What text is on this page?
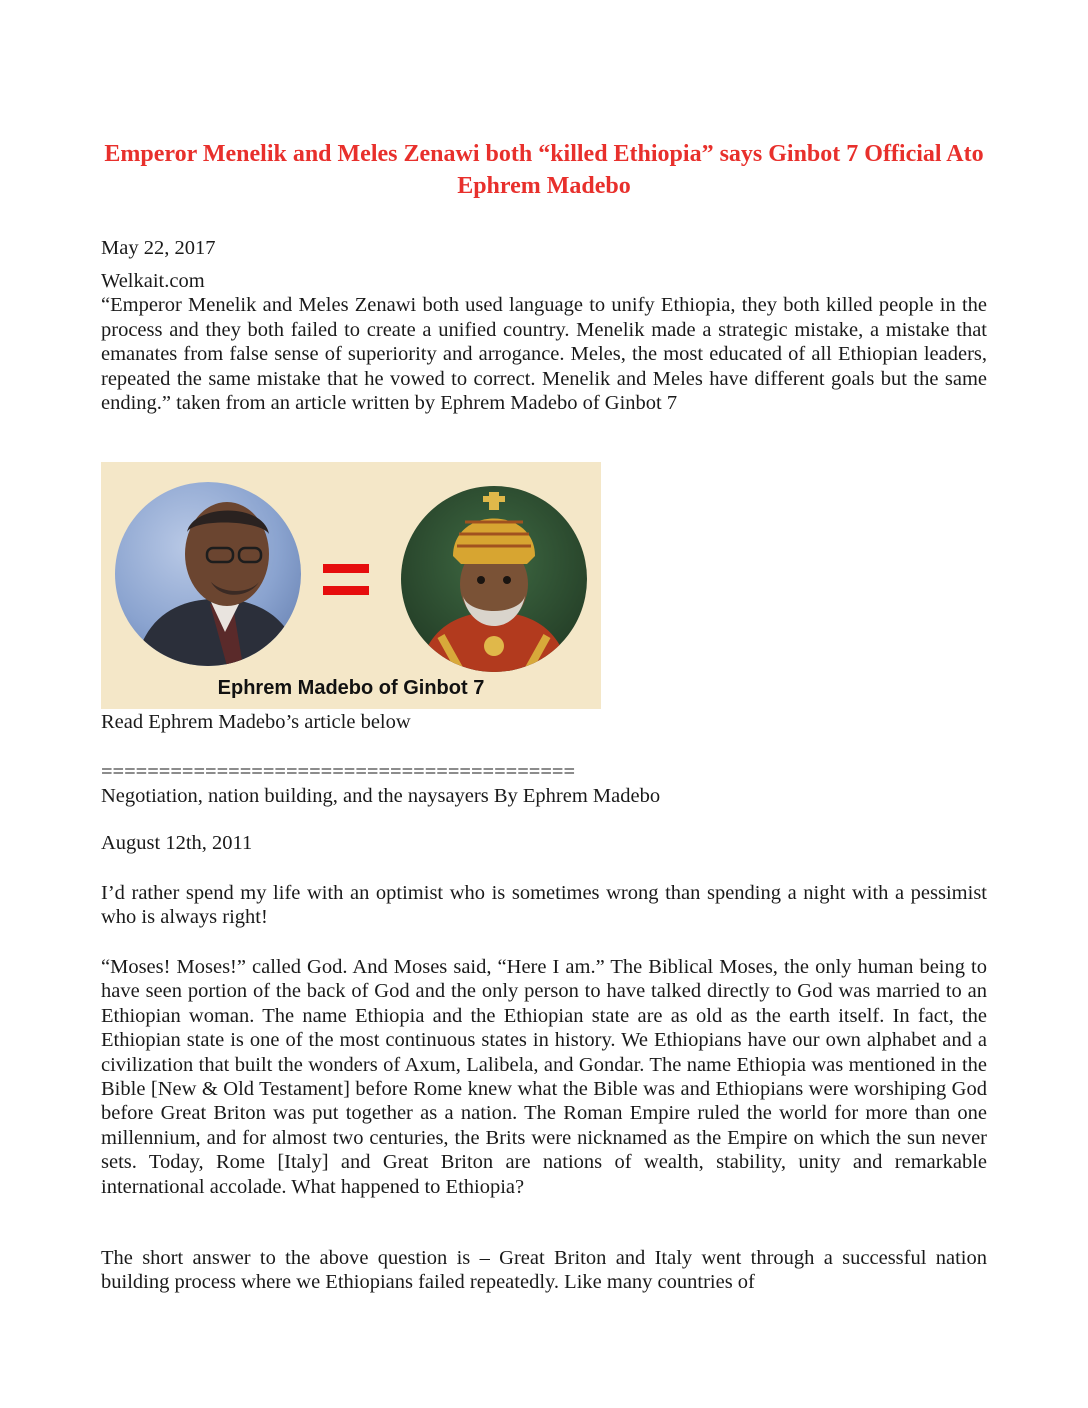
Emperor Menelik and Meles Zenawi both “killed Ethiopia” says Ginbot 7 Official Ato Ephrem Madebo

May 22, 2017

Welkait.com
“Emperor Menelik and Meles Zenawi both used language to unify Ethiopia, they both killed people in the process and they both failed to create a unified country. Menelik made a strategic mistake, a mistake that emanates from false sense of superiority and arrogance. Meles, the most educated of all Ethiopian leaders, repeated the same mistake that he vowed to correct. Menelik and Meles have different goals but the same ending.” taken from an article written by Ephrem Madebo of Ginbot 7

Ephrem Madebo of Ginbot 7

Read Ephrem Madebo’s article below

=========================================

Negotiation, nation building, and the naysayers By Ephrem Madebo

August 12th, 2011

I’d rather spend my life with an optimist who is sometimes wrong than spending a night with a pessimist who is always right!

“Moses! Moses!” called God. And Moses said, “Here I am.” The Biblical Moses, the only human being to have seen portion of the back of God and the only person to have talked directly to God was married to an Ethiopian woman. The name Ethiopia and the Ethiopian state are as old as the earth itself. In fact, the Ethiopian state is one of the most continuous states in history. We Ethiopians have our own alphabet and a civilization that built the wonders of Axum, Lalibela, and Gondar. The name Ethiopia was mentioned in the Bible [New & Old Testament] before Rome knew what the Bible was and Ethiopians were worshiping God before Great Briton was put together as a nation. The Roman Empire ruled the world for more than one millennium, and for almost two centuries, the Brits were nicknamed as the Empire on which the sun never sets. Today, Rome [Italy] and Great Briton are nations of wealth, stability, unity and remarkable international accolade. What happened to Ethiopia?

The short answer to the above question is – Great Briton and Italy went through a successful nation building process where we Ethiopians failed repeatedly. Like many countries of
